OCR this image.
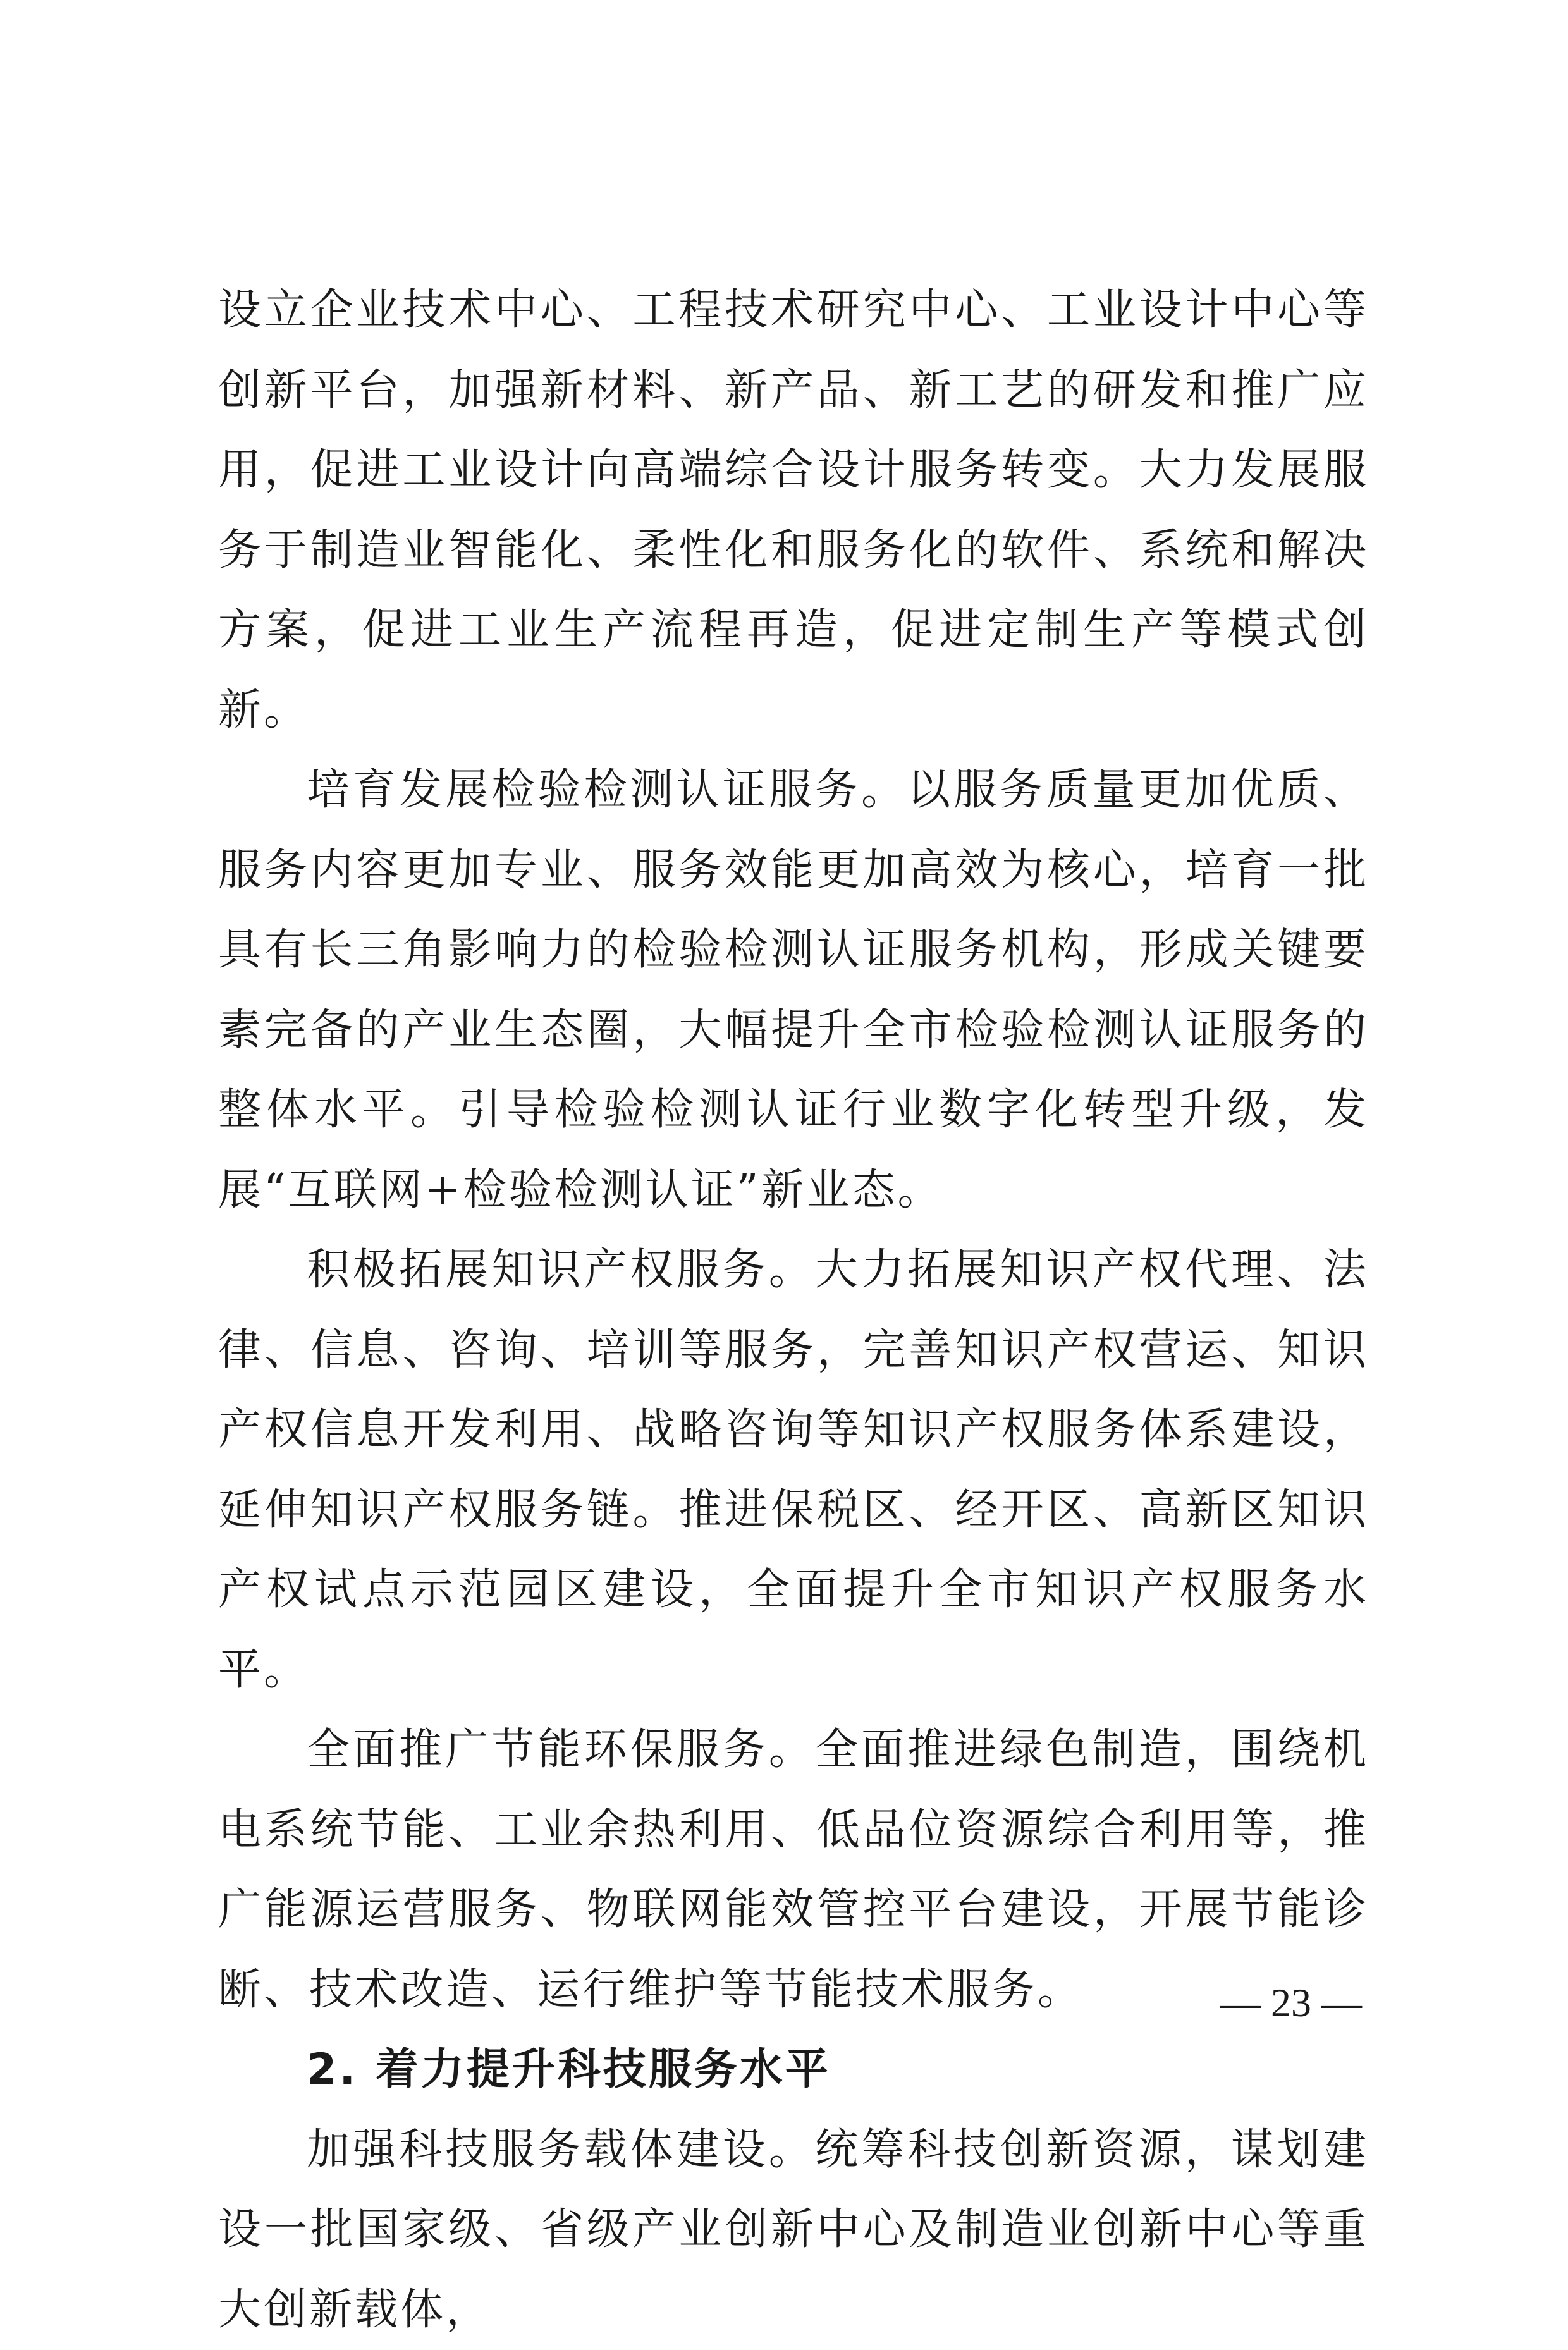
设立企业技术中心、工程技术研究中心、工业设计中心等创新平台，加强新材料、新产品、新工艺的研发和推广应用，促进工业设计向高端综合设计服务转变。大力发展服务于制造业智能化、柔性化和服务化的软件、系统和解决方案，促进工业生产流程再造，促进定制生产等模式创新。

培育发展检验检测认证服务。以服务质量更加优质、服务内容更加专业、服务效能更加高效为核心，培育一批具有长三角影响力的检验检测认证服务机构，形成关键要素完备的产业生态圈，大幅提升全市检验检测认证服务的整体水平。引导检验检测认证行业数字化转型升级，发展“互联网+检验检测认证”新业态。

积极拓展知识产权服务。大力拓展知识产权代理、法律、信息、咨询、培训等服务，完善知识产权营运、知识产权信息开发利用、战略咨询等知识产权服务体系建设，延伸知识产权服务链。推进保税区、经开区、高新区知识产权试点示范园区建设，全面提升全市知识产权服务水平。

全面推广节能环保服务。全面推进绿色制造，围绕机电系统节能、工业余热利用、低品位资源综合利用等，推广能源运营服务、物联网能效管控平台建设，开展节能诊断、技术改造、运行维护等节能技术服务。

2. 着力提升科技服务水平

加强科技服务载体建设。统筹科技创新资源，谋划建设一批国家级、省级产业创新中心及制造业创新中心等重大创新载体，

— 23 —
